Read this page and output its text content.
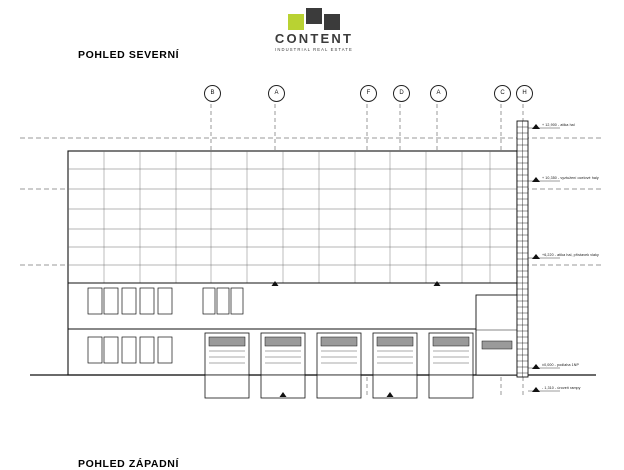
CONTENT
INDUSTRIAL REAL ESTATE
POHLED SEVERNÍ
POHLED ZÁPADNÍ
B	A	F	D	A	C	H
+ 12,900 - atika hal
+ 10,350 - vyztužení ocelové haly
+6,220 - atika hal, přístavek vlaky
±0,000 - podlaha 1NP
- 1,310 - úroveň rampy
